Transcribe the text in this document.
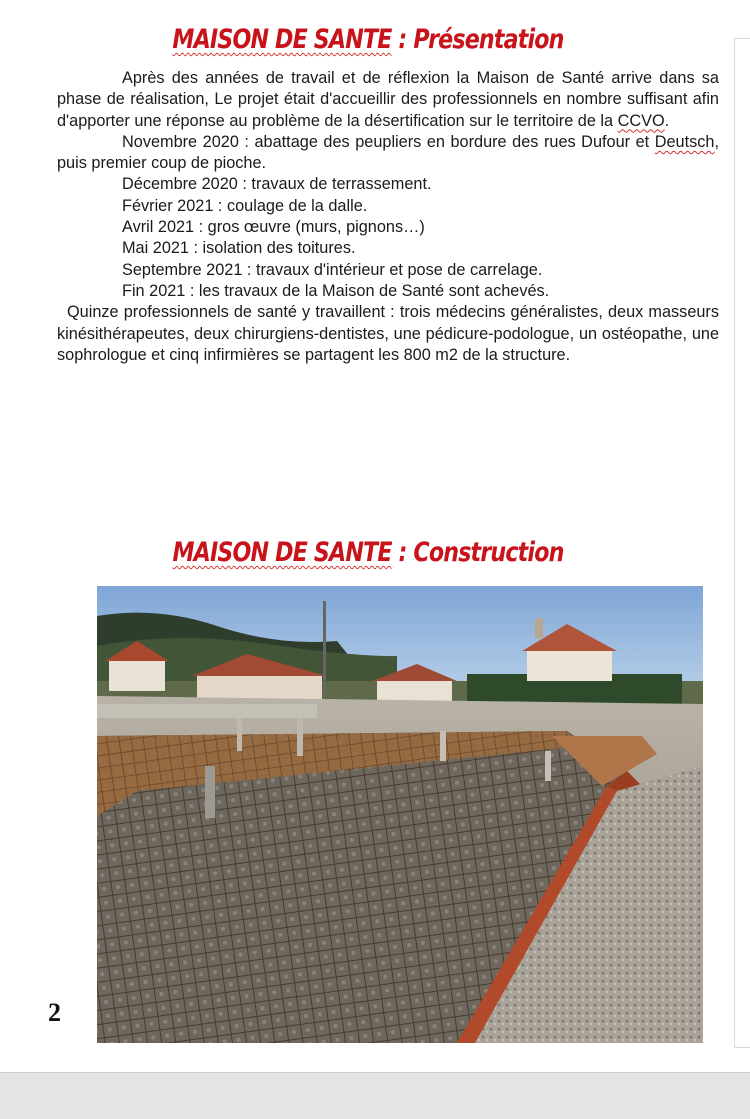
MAISON DE SANTE : Présentation

Après des années de travail et de réflexion la Maison de Santé arrive dans sa phase de réalisation, Le projet était d'accueillir des professionnels en nombre suffisant afin d'apporter une réponse au problème de la désertification sur le territoire de la CCVO.

Novembre 2020 : abattage des peupliers en bordure des rues Dufour et Deutsch, puis premier coup de pioche.

Décembre 2020 : travaux de terrassement.

Février 2021 : coulage de la dalle.

Avril 2021 : gros œuvre (murs, pignons…)

Mai 2021 : isolation des toitures.

Septembre 2021 : travaux d'intérieur et pose de carrelage.

Fin 2021 : les travaux de la Maison de Santé sont achevés.

Quinze professionnels de santé y travaillent : trois médecins généralistes, deux masseurs kinésithérapeutes, deux chirurgiens-dentistes, une pédicure-podologue, un ostéopathe, une sophrologue et cinq infirmières se partagent les 800 m2 de la structure.

MAISON DE SANTE : Construction
2
